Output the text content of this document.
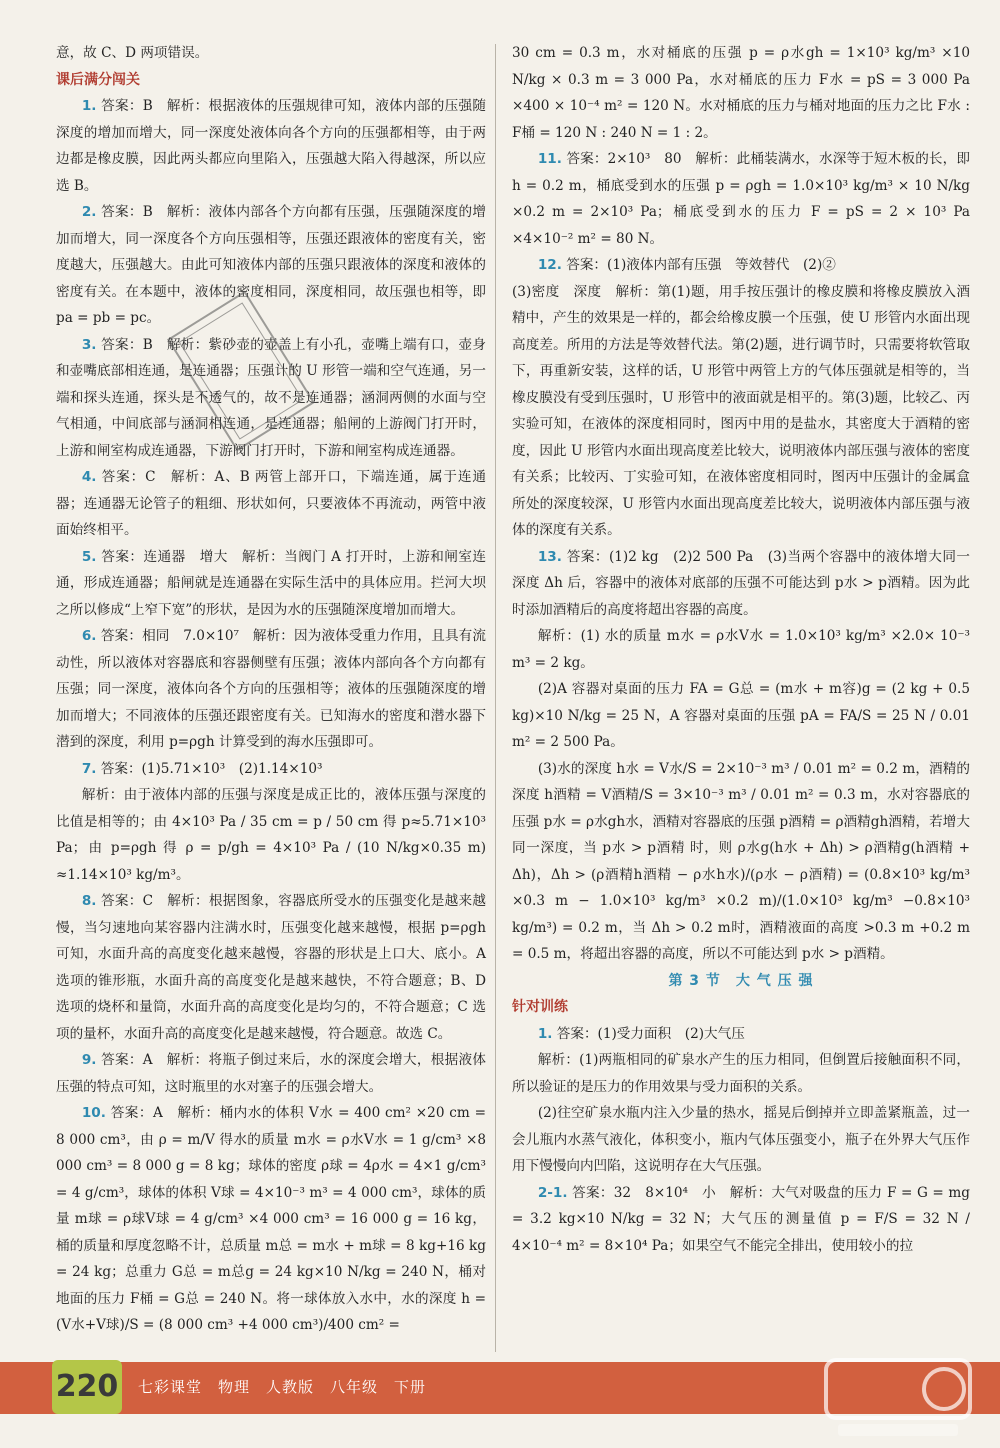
意，故 C、D 两项错误。
课后满分闯关
1. 答案：B　解析：根据液体的压强规律可知，液体内部的压强随深度的增加而增大，同一深度处液体向各个方向的压强都相等，由于两边都是橡皮膜，因此两头都应向里陷入，压强越大陷入得越深，所以应选 B。
2. 答案：B　解析：液体内部各个方向都有压强，压强随深度的增加而增大，同一深度各个方向压强相等，压强还跟液体的密度有关，密度越大，压强越大。由此可知液体内部的压强只跟液体的深度和液体的密度有关。在本题中，液体的密度相同，深度相同，故压强也相等，即 pa = pb = pc。
3. 答案：B　解析：紫砂壶的壶盖上有小孔，壶嘴上端有口，壶身和壶嘴底部相连通，是连通器；压强计的 U 形管一端和空气连通，另一端和探头连通，探头是不透气的，故不是连通器；涵洞两侧的水面与空气相通，中间底部与涵洞相连通，是连通器；船闸的上游阀门打开时，上游和闸室构成连通器，下游阀门打开时，下游和闸室构成连通器。
4. 答案：C　解析：A、B 两管上部开口，下端连通，属于连通器；连通器无论管子的粗细、形状如何，只要液体不再流动，两管中液面始终相平。
5. 答案：连通器　增大　解析：当阀门 A 打开时，上游和闸室连通，形成连通器；船闸就是连通器在实际生活中的具体应用。拦河大坝之所以修成“上窄下宽”的形状，是因为水的压强随深度增加而增大。
6. 答案：相同　7.0×10⁷　解析：因为液体受重力作用，且具有流动性，所以液体对容器底和容器侧壁有压强；液体内部向各个方向都有压强；同一深度，液体向各个方向的压强相等；液体的压强随深度的增加而增大；不同液体的压强还跟密度有关。已知海水的密度和潜水器下潜到的深度，利用 p=ρgh 计算受到的海水压强即可。
7. 答案：(1)5.71×10³　(2)1.14×10³
解析：由于液体内部的压强与深度是成正比的，液体压强与深度的比值是相等的；由 4×10³ Pa / 35 cm = p / 50 cm 得 p≈5.71×10³ Pa；由 p=ρgh 得 ρ = p/gh = 4×10³ Pa / (10 N/kg×0.35 m) ≈1.14×10³ kg/m³。
8. 答案：C　解析：根据图象，容器底所受水的压强变化是越来越慢，当匀速地向某容器内注满水时，压强变化越来越慢，根据 p=ρgh 可知，水面升高的高度变化越来越慢，容器的形状是上口大、底小。A 选项的锥形瓶，水面升高的高度变化是越来越快，不符合题意；B、D 选项的烧杯和量筒，水面升高的高度变化是均匀的，不符合题意；C 选项的量杯，水面升高的高度变化是越来越慢，符合题意。故选 C。
9. 答案：A　解析：将瓶子倒过来后，水的深度会增大，根据液体压强的特点可知，这时瓶里的水对塞子的压强会增大。
10. 答案：A　解析：桶内水的体积 V水 = 400 cm² ×20 cm = 8 000 cm³，由 ρ = m/V 得水的质量 m水 = ρ水V水 = 1 g/cm³ ×8 000 cm³ = 8 000 g = 8 kg；球体的密度 ρ球 = 4ρ水 = 4×1 g/cm³ = 4 g/cm³，球体的体积 V球 = 4×10⁻³ m³ = 4 000 cm³，球体的质量 m球 = ρ球V球 = 4 g/cm³ ×4 000 cm³ = 16 000 g = 16 kg，桶的质量和厚度忽略不计，总质量 m总 = m水 + m球 = 8 kg+16 kg = 24 kg；总重力 G总 = m总g = 24 kg×10 N/kg = 240 N，桶对地面的压力 F桶 = G总 = 240 N。将一球体放入水中，水的深度 h = (V水+V球)/S = (8 000 cm³ +4 000 cm³)/400 cm² =
30 cm = 0.3 m，水对桶底的压强 p = ρ水gh = 1×10³ kg/m³ ×10 N/kg × 0.3 m = 3 000 Pa，水对桶底的压力 F水 = pS = 3 000 Pa ×400 × 10⁻⁴ m² = 120 N。水对桶底的压力与桶对地面的压力之比 F水 : F桶 = 120 N : 240 N = 1 : 2。
11. 答案：2×10³　80　解析：此桶装满水，水深等于短木板的长，即 h = 0.2 m，桶底受到水的压强 p = ρgh = 1.0×10³ kg/m³ × 10 N/kg ×0.2 m = 2×10³ Pa；桶底受到水的压力 F = pS = 2 × 10³ Pa ×4×10⁻² m² = 80 N。
12. 答案：(1)液体内部有压强　等效替代　(2)②
(3)密度　深度　解析：第(1)题，用手按压强计的橡皮膜和将橡皮膜放入酒精中，产生的效果是一样的，都会给橡皮膜一个压强，使 U 形管内水面出现高度差。所用的方法是等效替代法。第(2)题，进行调节时，只需要将软管取下，再重新安装，这样的话，U 形管中两管上方的气体压强就是相等的，当橡皮膜没有受到压强时，U 形管中的液面就是相平的。第(3)题，比较乙、丙实验可知，在液体的深度相同时，图丙中用的是盐水，其密度大于酒精的密度，因此 U 形管内水面出现高度差比较大，说明液体内部压强与液体的密度有关系；比较丙、丁实验可知，在液体密度相同时，图丙中压强计的金属盒所处的深度较深，U 形管内水面出现高度差比较大，说明液体内部压强与液体的深度有关系。
13. 答案：(1)2 kg　(2)2 500 Pa　(3)当两个容器中的液体增大同一深度 Δh 后，容器中的液体对底部的压强不可能达到 p水 > p酒精。因为此时添加酒精后的高度将超出容器的高度。
解析：(1) 水的质量 m水 = ρ水V水 = 1.0×10³ kg/m³ ×2.0× 10⁻³ m³ = 2 kg。
(2)A 容器对桌面的压力 FA = G总 = (m水 + m容)g = (2 kg + 0.5 kg)×10 N/kg = 25 N，A 容器对桌面的压强 pA = FA/S = 25 N / 0.01 m² = 2 500 Pa。
(3)水的深度 h水 = V水/S = 2×10⁻³ m³ / 0.01 m² = 0.2 m，酒精的深度 h酒精 = V酒精/S = 3×10⁻³ m³ / 0.01 m² = 0.3 m，水对容器底的压强 p水 = ρ水gh水，酒精对容器底的压强 p酒精 = ρ酒精gh酒精，若增大同一深度，当 p水 > p酒精 时，则 ρ水g(h水 + Δh) > ρ酒精g(h酒精 + Δh)，Δh > (ρ酒精h酒精 − ρ水h水)/(ρ水 − ρ酒精) = (0.8×10³ kg/m³ ×0.3 m − 1.0×10³ kg/m³ ×0.2 m)/(1.0×10³ kg/m³ −0.8×10³ kg/m³) = 0.2 m，当 Δh > 0.2 m时，酒精液面的高度 >0.3 m +0.2 m = 0.5 m，将超出容器的高度，所以不可能达到 p水 > p酒精。
第 3 节　大 气 压 强
针对训练
1. 答案：(1)受力面积　(2)大气压
解析：(1)两瓶相同的矿泉水产生的压力相同，但倒置后接触面积不同，所以验证的是压力的作用效果与受力面积的关系。
(2)往空矿泉水瓶内注入少量的热水，摇晃后倒掉并立即盖紧瓶盖，过一会儿瓶内水蒸气液化，体积变小，瓶内气体压强变小，瓶子在外界大气压作用下慢慢向内凹陷，这说明存在大气压强。
2-1. 答案：32　8×10⁴　小　解析：大气对吸盘的压力 F = G = mg = 3.2 kg×10 N/kg = 32 N；大气压的测量值 p = F/S = 32 N / 4×10⁻⁴ m² = 8×10⁴ Pa；如果空气不能完全排出，使用较小的拉
220 七彩课堂　物理　人教版　八年级　下册
